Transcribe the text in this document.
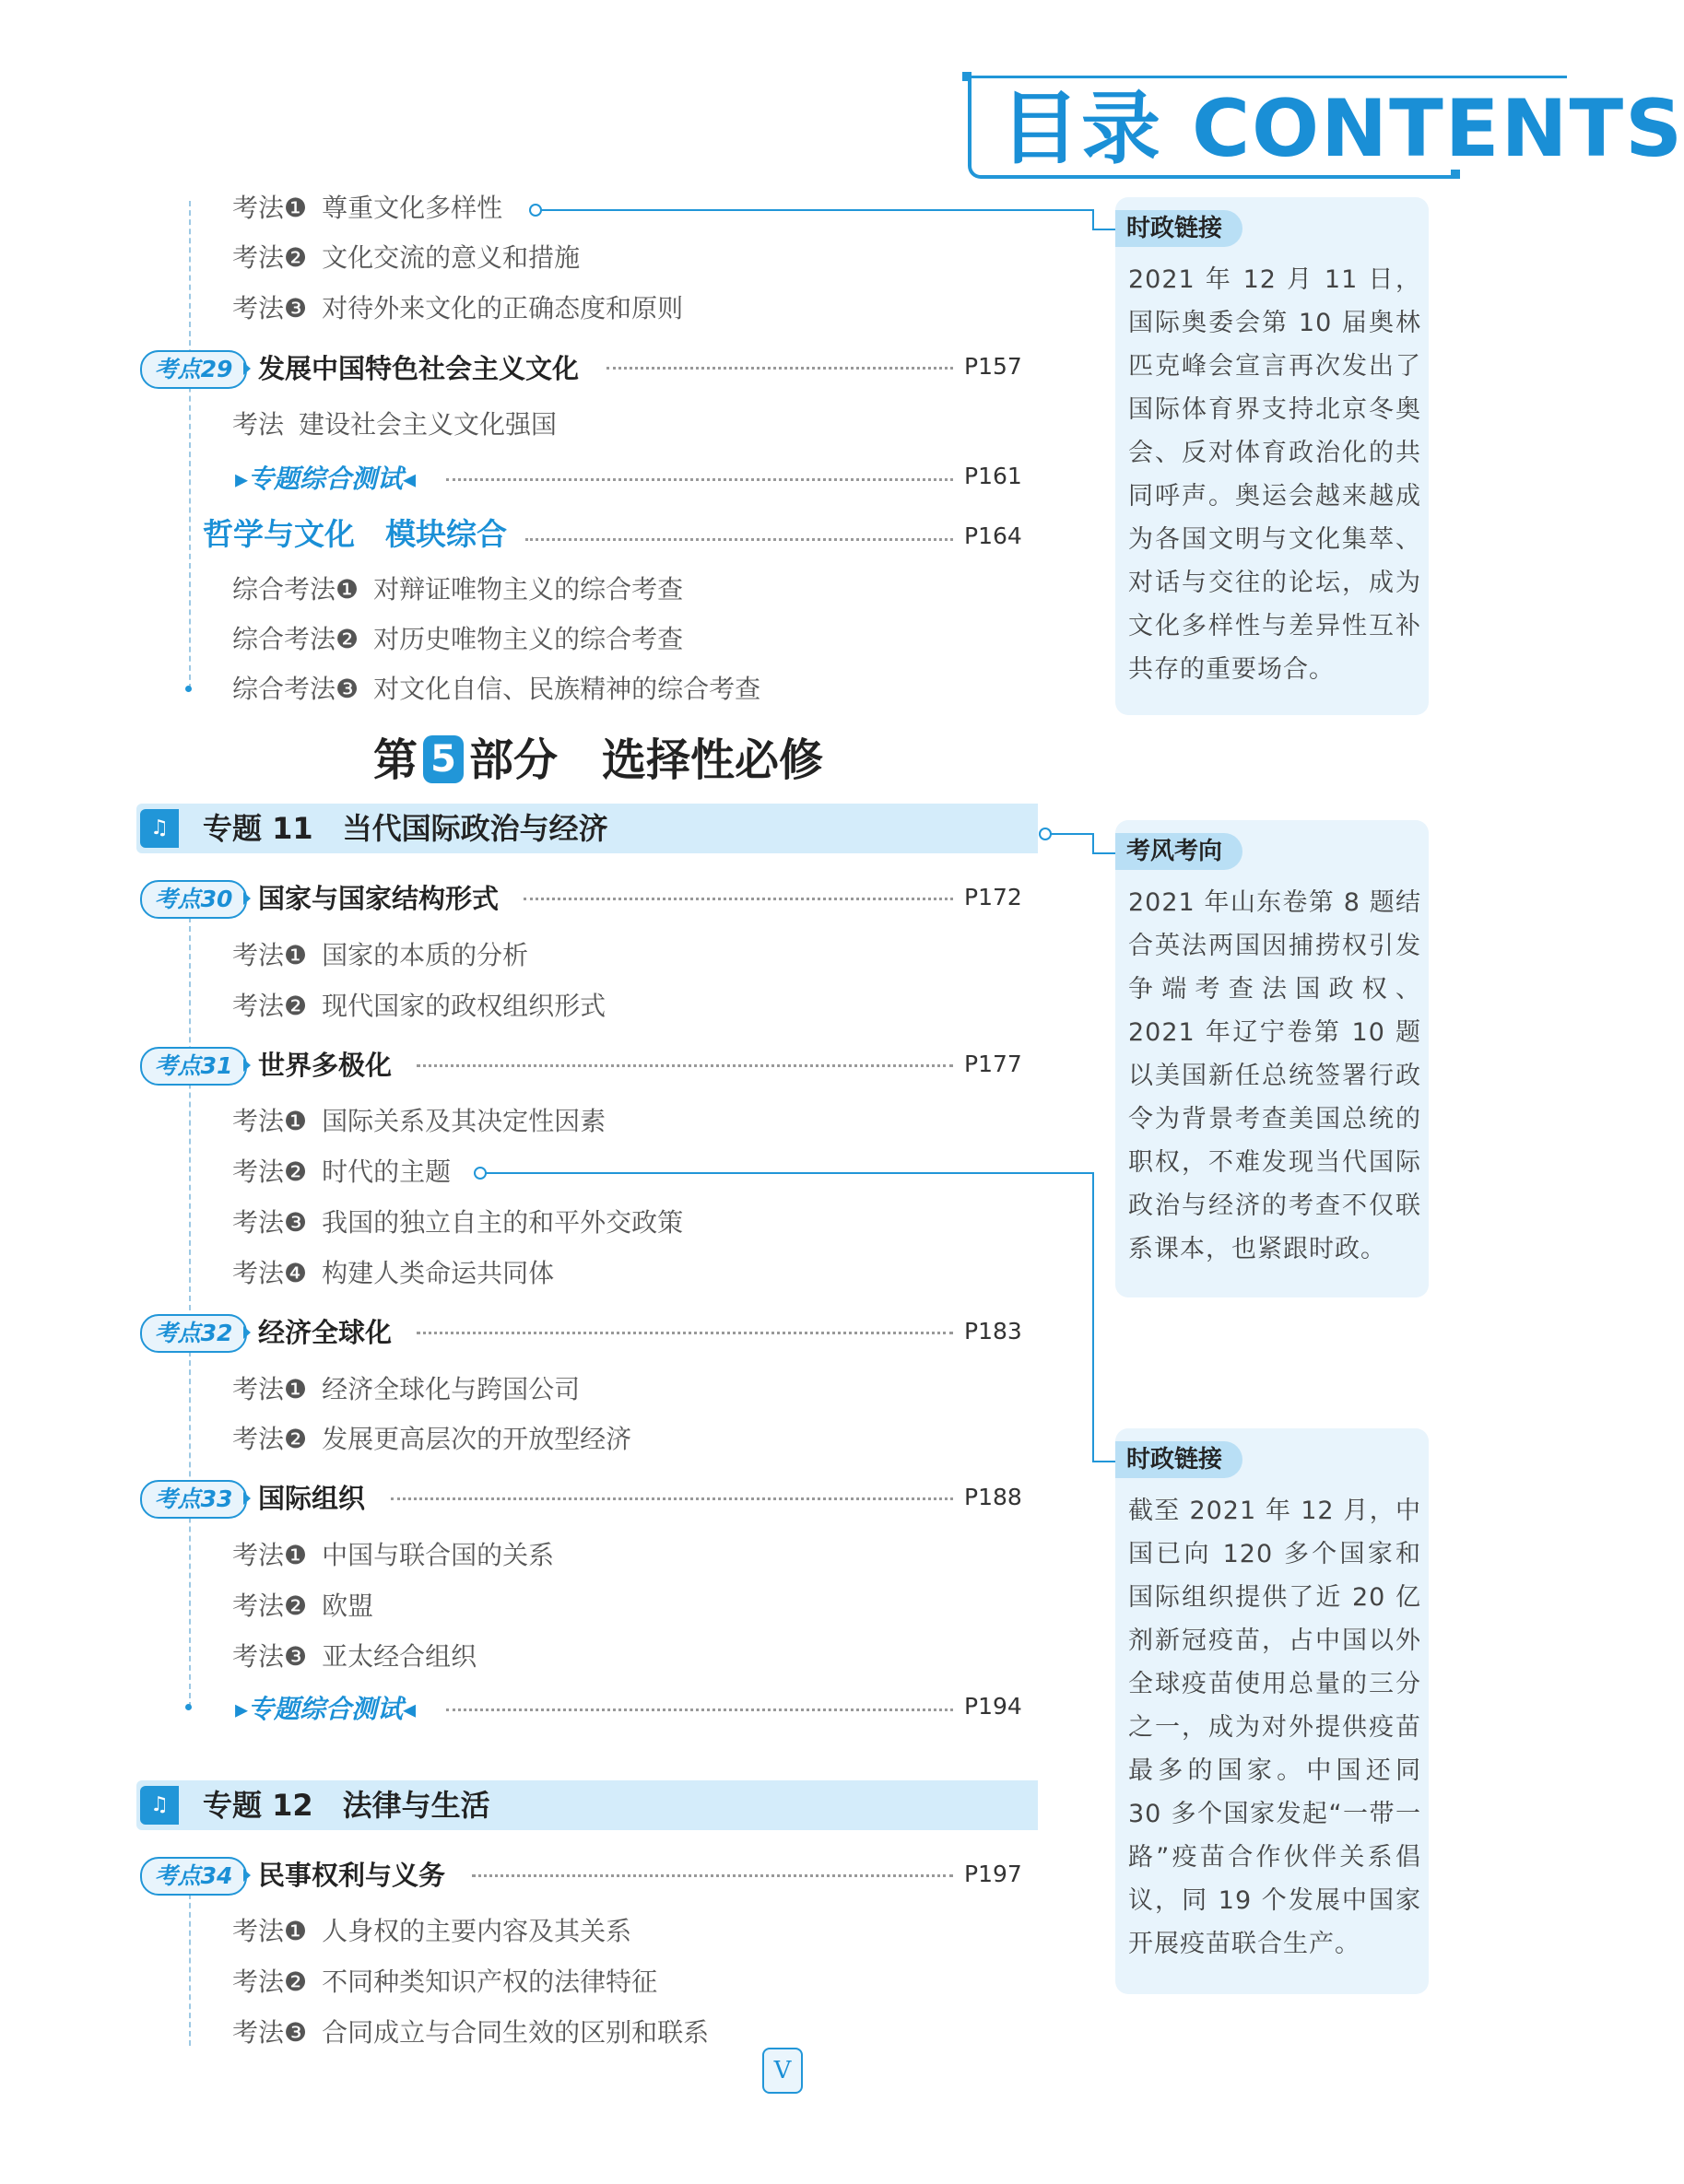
目录 CONTENTS
考法❶ 尊重文化多样性
考法❷ 文化交流的意义和措施
考法❸ 对待外来文化的正确态度和原则
考点29 发展中国特色社会主义文化	P157
考法 建设社会主义文化强国
▸专题综合测试◂	P161
哲学与文化　模块综合	P164
综合考法❶ 对辩证唯物主义的综合考查
综合考法❷ 对历史唯物主义的综合考查
综合考法❸ 对文化自信、民族精神的综合考查
第 5 部分　选择性必修
♫	专题 11　当代国际政治与经济
考点30 国家与国家结构形式	P172
考法❶ 国家的本质的分析
考法❷ 现代国家的政权组织形式
考点31 世界多极化	P177
考法❶ 国际关系及其决定性因素
考法❷ 时代的主题
考法❸ 我国的独立自主的和平外交政策
考法❹ 构建人类命运共同体
考点32 经济全球化	P183
考法❶ 经济全球化与跨国公司
考法❷ 发展更高层次的开放型经济
考点33 国际组织	P188
考法❶ 中国与联合国的关系
考法❷ 欧盟
考法❸ 亚太经合组织
▸专题综合测试◂	P194
♫	专题 12　法律与生活
考点34 民事权利与义务	P197
考法❶ 人身权的主要内容及其关系
考法❷ 不同种类知识产权的法律特征
考法❸ 合同成立与合同生效的区别和联系
时政链接
2021 年 12 月 11 日，国际奥委会第 10 届奥林匹克峰会宣言再次发出了国际体育界支持北京冬奥会、反对体育政治化的共同呼声。奥运会越来越成为各国文明与文化集萃、对话与交往的论坛，成为文化多样性与差异性互补共存的重要场合。
考风考向
2021 年山东卷第 8 题结合英法两国因捕捞权引发争端考查法国政权、2021 年辽宁卷第 10 题以美国新任总统签署行政令为背景考查美国总统的职权，不难发现当代国际政治与经济的考查不仅联系课本，也紧跟时政。
时政链接
截至 2021 年 12 月，中国已向 120 多个国家和国际组织提供了近 20 亿剂新冠疫苗，占中国以外全球疫苗使用总量的三分之一，成为对外提供疫苗最多的国家。中国还同 30 多个国家发起“一带一路”疫苗合作伙伴关系倡议，同 19 个发展中国家开展疫苗联合生产。
V
